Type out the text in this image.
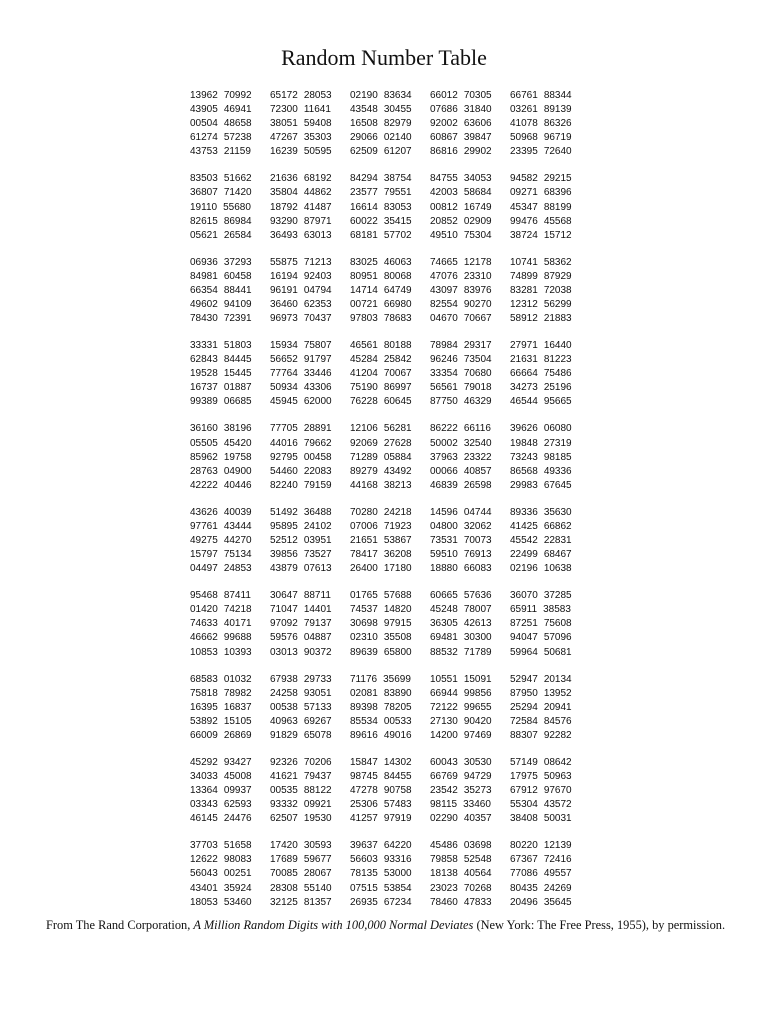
Random Number Table
13962 70992	65172 28053	02190 83634	66012 70305	66761 88344
43905 46941	72300 11641	43548 30455	07686 31840	03261 89139
00504 48658	38051 59408	16508 82979	92002 63606	41078 86326
61274 57238	47267 35303	29066 02140	60867 39847	50968 96719
43753 21159	16239 50595	62509 61207	86816 29902	23395 72640
83503 51662	21636 68192	84294 38754	84755 34053	94582 29215
36807 71420	35804 44862	23577 79551	42003 58684	09271 68396
19110 55680	18792 41487	16614 83053	00812 16749	45347 88199
82615 86984	93290 87971	60022 35415	20852 02909	99476 45568
05621 26584	36493 63013	68181 57702	49510 75304	38724 15712
06936 37293	55875 71213	83025 46063	74665 12178	10741 58362
84981 60458	16194 92403	80951 80068	47076 23310	74899 87929
66354 88441	96191 04794	14714 64749	43097 83976	83281 72038
49602 94109	36460 62353	00721 66980	82554 90270	12312 56299
78430 72391	96973 70437	97803 78683	04670 70667	58912 21883
33331 51803	15934 75807	46561 80188	78984 29317	27971 16440
62843 84445	56652 91797	45284 25842	96246 73504	21631 81223
19528 15445	77764 33446	41204 70067	33354 70680	66664 75486
16737 01887	50934 43306	75190 86997	56561 79018	34273 25196
99389 06685	45945 62000	76228 60645	87750 46329	46544 95665
36160 38196	77705 28891	12106 56281	86222 66116	39626 06080
05505 45420	44016 79662	92069 27628	50002 32540	19848 27319
85962 19758	92795 00458	71289 05884	37963 23322	73243 98185
28763 04900	54460 22083	89279 43492	00066 40857	86568 49336
42222 40446	82240 79159	44168 38213	46839 26598	29983 67645
43626 40039	51492 36488	70280 24218	14596 04744	89336 35630
97761 43444	95895 24102	07006 71923	04800 32062	41425 66862
49275 44270	52512 03951	21651 53867	73531 70073	45542 22831
15797 75134	39856 73527	78417 36208	59510 76913	22499 68467
04497 24853	43879 07613	26400 17180	18880 66083	02196 10638
95468 87411	30647 88711	01765 57688	60665 57636	36070 37285
01420 74218	71047 14401	74537 14820	45248 78007	65911 38583
74633 40171	97092 79137	30698 97915	36305 42613	87251 75608
46662 99688	59576 04887	02310 35508	69481 30300	94047 57096
10853 10393	03013 90372	89639 65800	88532 71789	59964 50681
68583 01032	67938 29733	71176 35699	10551 15091	52947 20134
75818 78982	24258 93051	02081 83890	66944 99856	87950 13952
16395 16837	00538 57133	89398 78205	72122 99655	25294 20941
53892 15105	40963 69267	85534 00533	27130 90420	72584 84576
66009 26869	91829 65078	89616 49016	14200 97469	88307 92282
45292 93427	92326 70206	15847 14302	60043 30530	57149 08642
34033 45008	41621 79437	98745 84455	66769 94729	17975 50963
13364 09937	00535 88122	47278 90758	23542 35273	67912 97670
03343 62593	93332 09921	25306 57483	98115 33460	55304 43572
46145 24476	62507 19530	41257 97919	02290 40357	38408 50031
37703 51658	17420 30593	39637 64220	45486 03698	80220 12139
12622 98083	17689 59677	56603 93316	79858 52548	67367 72416
56043 00251	70085 28067	78135 53000	18138 40564	77086 49557
43401 35924	28308 55140	07515 53854	23023 70268	80435 24269
18053 53460	32125 81357	26935 67234	78460 47833	20496 35645

From The Rand Corporation, A Million Random Digits with 100,000 Normal Deviates (New York: The Free Press, 1955), by permission.
